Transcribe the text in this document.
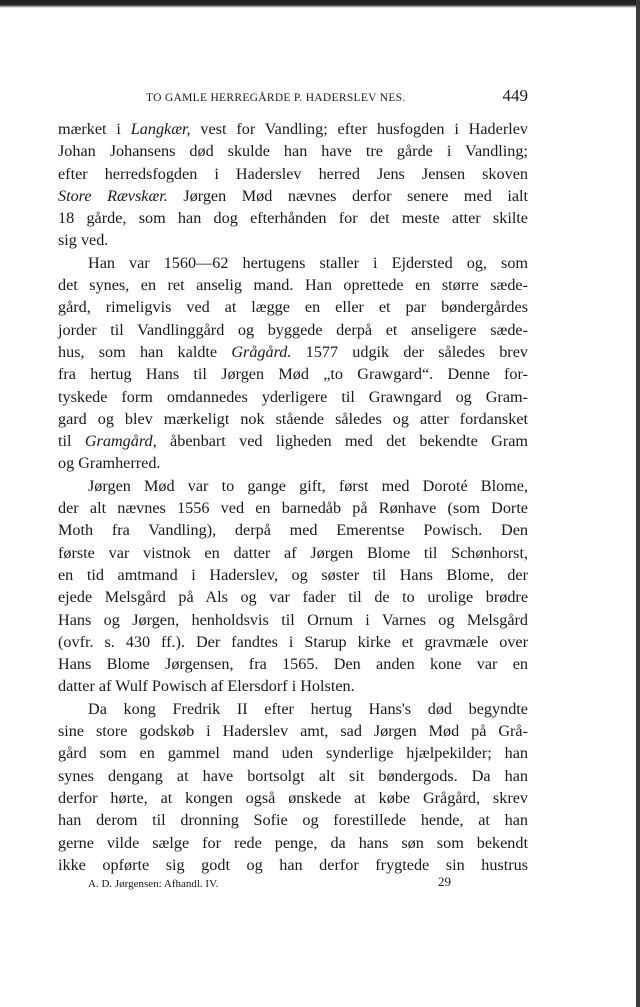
TO GAMLE HERREGÅRDE P. HADERSLEV NES.	449
mærket i Langkær, vest for Vandling; efter husfogden i Haderlev
Johan Johansens død skulde han have tre gårde i Vandling;
efter herredsfogden i Haderslev herred Jens Jensen skoven
Store Rævskær. Jørgen Mød nævnes derfor senere med ialt
18 gårde, som han dog efterhånden for det meste atter skilte
sig ved.
Han var 1560—62 hertugens staller i Ejdersted og, som
det synes, en ret anselig mand. Han oprettede en større sæde-
gård, rimeligvis ved at lægge en eller et par bøndergårdes
jorder til Vandlinggård og byggede derpå et anseligere sæde-
hus, som han kaldte Grågård. 1577 udgik der således brev
fra hertug Hans til Jørgen Mød „to Grawgard“. Denne for-
tyskede form omdannedes yderligere til Grawngard og Gram-
gard og blev mærkeligt nok stående således og atter fordansket
til Gramgård, åbenbart ved ligheden med det bekendte Gram
og Gramherred.
Jørgen Mød var to gange gift, først med Doroté Blome,
der alt nævnes 1556 ved en barnedåb på Rønhave (som Dorte
Moth fra Vandling), derpå med Emerentse Powisch. Den
første var vistnok en datter af Jørgen Blome til Schønhorst,
en tid amtmand i Haderslev, og søster til Hans Blome, der
ejede Melsgård på Als og var fader til de to urolige brødre
Hans og Jørgen, henholdsvis til Ornum i Varnes og Melsgård
(ovfr. s. 430 ff.). Der fandtes i Starup kirke et gravmæle over
Hans Blome Jørgensen, fra 1565. Den anden kone var en
datter af Wulf Powisch af Elersdorf i Holsten.
Da kong Fredrik II efter hertug Hans's død begyndte
sine store godskøb i Haderslev amt, sad Jørgen Mød på Grå-
gård som en gammel mand uden synderlige hjælpekilder; han
synes dengang at have bortsolgt alt sit bøndergods. Da han
derfor hørte, at kongen også ønskede at købe Grågård, skrev
han derom til dronning Sofie og forestillede hende, at han
gerne vilde sælge for rede penge, da hans søn som bekendt
ikke opførte sig godt og han derfor frygtede sin hustrus
A. D. Jørgensen: Afhandl. IV.	29
